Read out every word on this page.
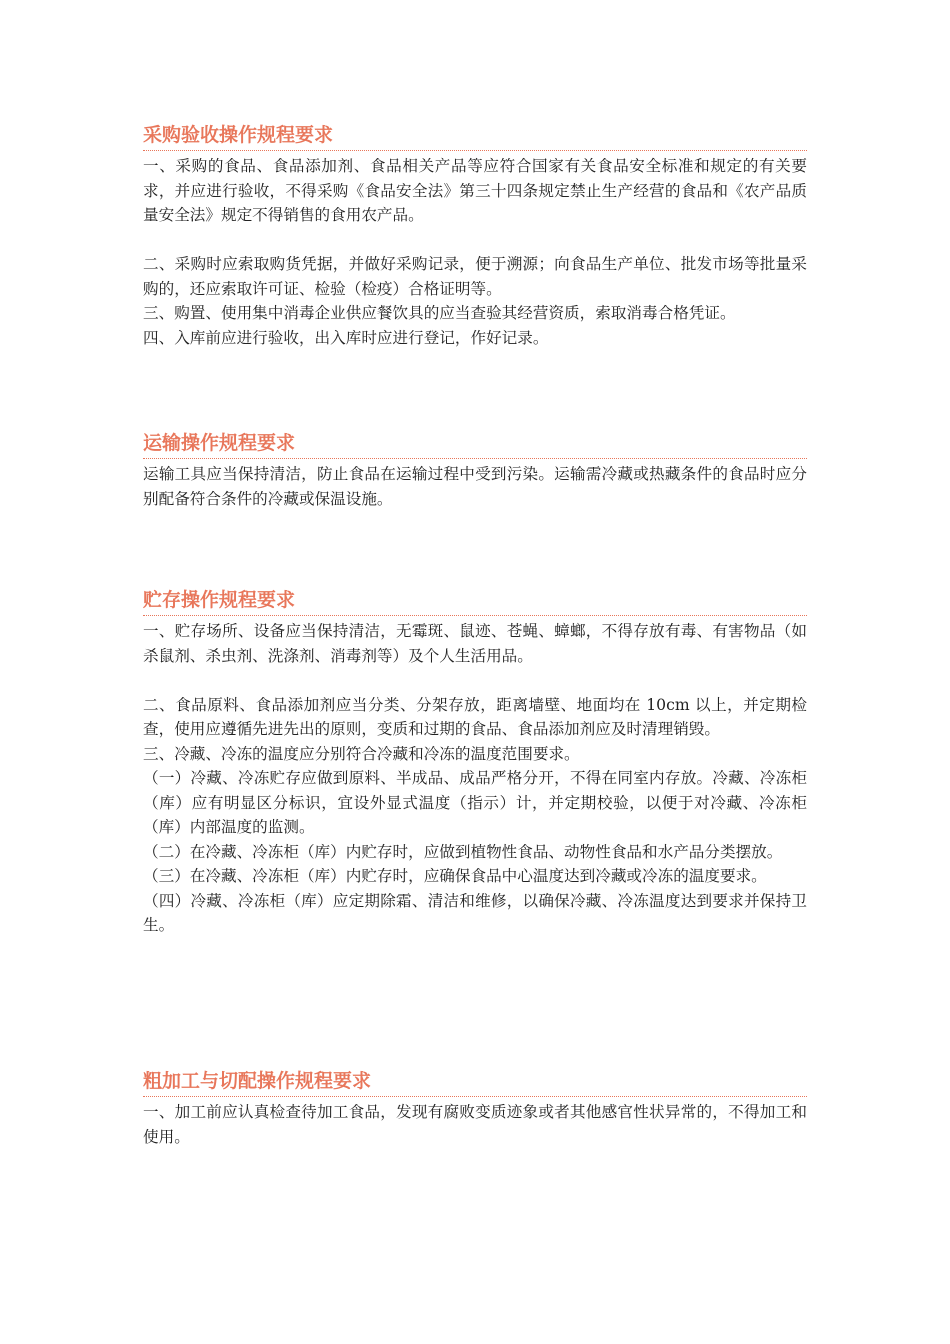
采购验收操作规程要求

一、采购的食品、食品添加剂、食品相关产品等应符合国家有关食品安全标准和规定的有关要求，并应进行验收，不得采购《食品安全法》第三十四条规定禁止生产经营的食品和《农产品质量安全法》规定不得销售的食用农产品。

二、采购时应索取购货凭据，并做好采购记录，便于溯源；向食品生产单位、批发市场等批量采购的，还应索取许可证、检验（检疫）合格证明等。

三、购置、使用集中消毒企业供应餐饮具的应当查验其经营资质，索取消毒合格凭证。

四、入库前应进行验收，出入库时应进行登记，作好记录。

运输操作规程要求

运输工具应当保持清洁，防止食品在运输过程中受到污染。运输需冷藏或热藏条件的食品时应分别配备符合条件的冷藏或保温设施。

贮存操作规程要求

一、贮存场所、设备应当保持清洁，无霉斑、鼠迹、苍蝇、蟑螂，不得存放有毒、有害物品（如杀鼠剂、杀虫剂、洗涤剂、消毒剂等）及个人生活用品。

二、食品原料、食品添加剂应当分类、分架存放，距离墙壁、地面均在 10cm 以上，并定期检查，使用应遵循先进先出的原则，变质和过期的食品、食品添加剂应及时清理销毁。

三、冷藏、冷冻的温度应分别符合冷藏和冷冻的温度范围要求。

（一）冷藏、冷冻贮存应做到原料、半成品、成品严格分开，不得在同室内存放。冷藏、冷冻柜（库）应有明显区分标识，宜设外显式温度（指示）计，并定期校验，以便于对冷藏、冷冻柜（库）内部温度的监测。

（二）在冷藏、冷冻柜（库）内贮存时，应做到植物性食品、动物性食品和水产品分类摆放。

（三）在冷藏、冷冻柜（库）内贮存时，应确保食品中心温度达到冷藏或冷冻的温度要求。

（四）冷藏、冷冻柜（库）应定期除霜、清洁和维修，以确保冷藏、冷冻温度达到要求并保持卫生。

粗加工与切配操作规程要求

一、加工前应认真检查待加工食品，发现有腐败变质迹象或者其他感官性状异常的，不得加工和使用。
